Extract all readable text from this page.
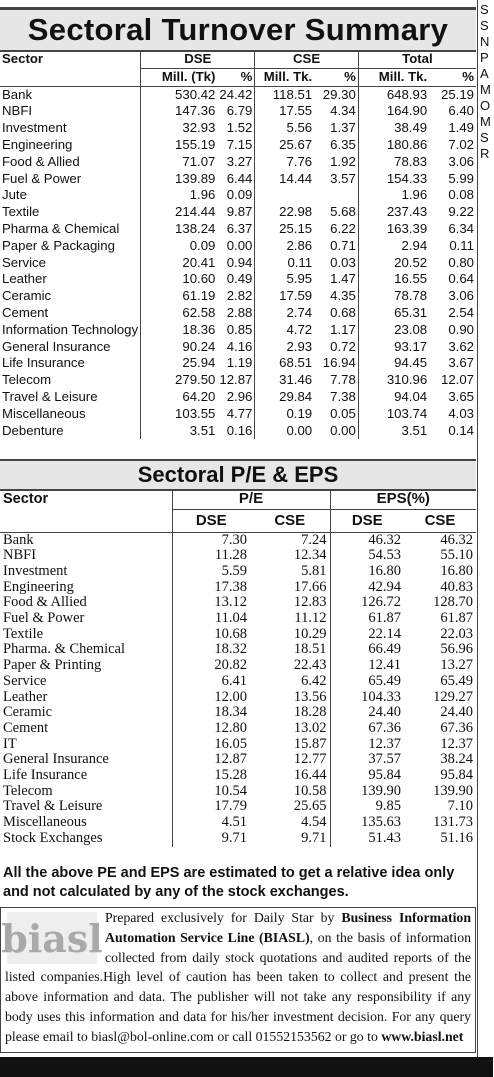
Sectoral Turnover Summary
Sector	DSE		CSE		Total	
	Mill. (Tk)	%	Mill. Tk.	%	Mill. Tk.	%
Bank	530.42	24.42	118.51	29.30	648.93	25.19
NBFI	147.36	6.79	17.55	4.34	164.90	6.40
Investment	32.93	1.52	5.56	1.37	38.49	1.49
Engineering	155.19	7.15	25.67	6.35	180.86	7.02
Food & Allied	71.07	3.27	7.76	1.92	78.83	3.06
Fuel & Power	139.89	6.44	14.44	3.57	154.33	5.99
Jute	1.96	0.09			1.96	0.08
Textile	214.44	9.87	22.98	5.68	237.43	9.22
Pharma & Chemical	138.24	6.37	25.15	6.22	163.39	6.34
Paper & Packaging	0.09	0.00	2.86	0.71	2.94	0.11
Service	20.41	0.94	0.11	0.03	20.52	0.80
Leather	10.60	0.49	5.95	1.47	16.55	0.64
Ceramic	61.19	2.82	17.59	4.35	78.78	3.06
Cement	62.58	2.88	2.74	0.68	65.31	2.54
Information Technology	18.36	0.85	4.72	1.17	23.08	0.90
General Insurance	90.24	4.16	2.93	0.72	93.17	3.62
Life Insurance	25.94	1.19	68.51	16.94	94.45	3.67
Telecom	279.50	12.87	31.46	7.78	310.96	12.07
Travel & Leisure	64.20	2.96	29.84	7.38	94.04	3.65
Miscellaneous	103.55	4.77	0.19	0.05	103.74	4.03
Debenture	3.51	0.16	0.00	0.00	3.51	0.14
Sectoral P/E & EPS
Sector	P/E		EPS(%)	
	DSE	CSE	DSE	CSE
Bank	7.30	7.24	46.32	46.32
NBFI	11.28	12.34	54.53	55.10
Investment	5.59	5.81	16.80	16.80
Engineering	17.38	17.66	42.94	40.83
Food & Allied	13.12	12.83	126.72	128.70
Fuel & Power	11.04	11.12	61.87	61.87
Textile	10.68	10.29	22.14	22.03
Pharma. & Chemical	18.32	18.51	66.49	56.96
Paper & Printing	20.82	22.43	12.41	13.27
Service	6.41	6.42	65.49	65.49
Leather	12.00	13.56	104.33	129.27
Ceramic	18.34	18.28	24.40	24.40
Cement	12.80	13.02	67.36	67.36
IT	16.05	15.87	12.37	12.37
General Insurance	12.87	12.77	37.57	38.24
Life Insurance	15.28	16.44	95.84	95.84
Telecom	10.54	10.58	139.90	139.90
Travel & Leisure	17.79	25.65	9.85	7.10
Miscellaneous	4.51	4.54	135.63	131.73
Stock Exchanges	9.71	9.71	51.43	51.16
All the above PE and EPS are estimated to get a relative idea only and not calculated by any of the stock exchanges.
biasl Prepared exclusively for Daily Star by Business Information Automation Service Line (BIASL), on the basis of information collected from daily stock quotations and audited reports of the listed companies.High level of caution has been taken to collect and present the above information and data. The publisher will not take any responsibility if any body uses this information and data for his/her investment decision. For any query please email to biasl@bol-online.com or call 01552153562 or go to www.biasl.net
S
S
N
P
A
M
O
M
S
R
